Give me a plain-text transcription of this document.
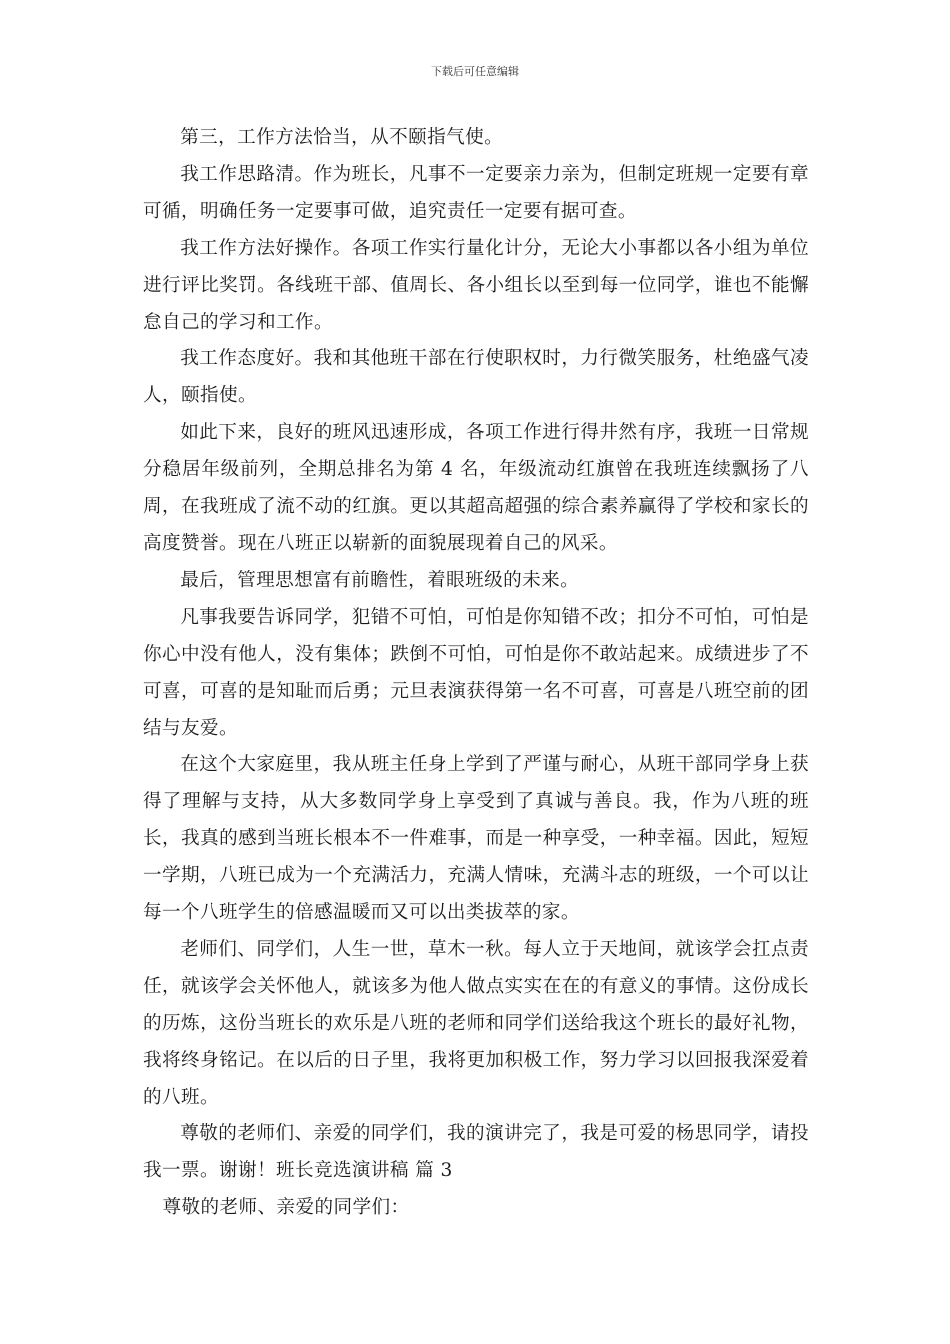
下载后可任意编辑

第三，工作方法恰当，从不颐指气使。

我工作思路清。作为班长，凡事不一定要亲力亲为，但制定班规一定要有章可循，明确任务一定要事可做，追究责任一定要有据可查。

我工作方法好操作。各项工作实行量化计分，无论大小事都以各小组为单位进行评比奖罚。各线班干部、值周长、各小组长以至到每一位同学，谁也不能懈怠自己的学习和工作。

我工作态度好。我和其他班干部在行使职权时，力行微笑服务，杜绝盛气凌人，颐指使。

如此下来，良好的班风迅速形成，各项工作进行得井然有序，我班一日常规分稳居年级前列，全期总排名为第 4 名，年级流动红旗曾在我班连续飘扬了八周，在我班成了流不动的红旗。更以其超高超强的综合素养赢得了学校和家长的高度赞誉。现在八班正以崭新的面貌展现着自己的风采。

最后，管理思想富有前瞻性，着眼班级的未来。

凡事我要告诉同学，犯错不可怕，可怕是你知错不改；扣分不可怕，可怕是你心中没有他人，没有集体；跌倒不可怕，可怕是你不敢站起来。成绩进步了不可喜，可喜的是知耻而后勇；元旦表演获得第一名不可喜，可喜是八班空前的团结与友爱。

在这个大家庭里，我从班主任身上学到了严谨与耐心，从班干部同学身上获得了理解与支持，从大多数同学身上享受到了真诚与善良。我，作为八班的班长，我真的感到当班长根本不一件难事，而是一种享受，一种幸福。因此，短短一学期，八班已成为一个充满活力，充满人情味，充满斗志的班级，一个可以让每一个八班学生的倍感温暖而又可以出类拔萃的家。

老师们、同学们，人生一世，草木一秋。每人立于天地间，就该学会扛点责任，就该学会关怀他人，就该多为他人做点实实在在的有意义的事情。这份成长的历炼，这份当班长的欢乐是八班的老师和同学们送给我这个班长的最好礼物，我将终身铭记。在以后的日子里，我将更加积极工作，努力学习以回报我深爱着的八班。

尊敬的老师们、亲爱的同学们，我的演讲完了，我是可爱的杨思同学，请投我一票。谢谢！班长竞选演讲稿 篇 3

尊敬的老师、亲爱的同学们：
